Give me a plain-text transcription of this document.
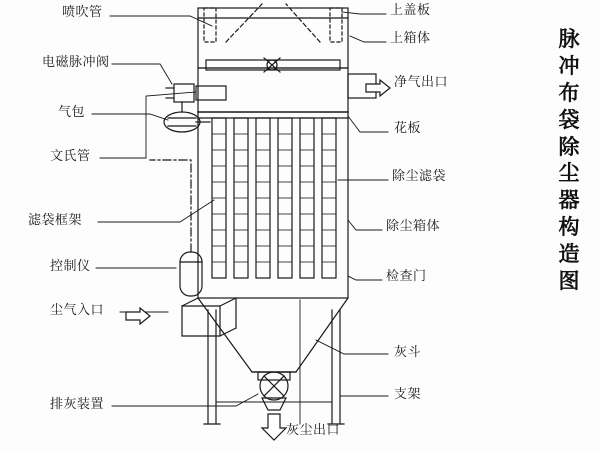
喷吹管
电磁脉冲阀
气包
文氏管
滤袋框架
控制仪
尘气入口
排灰装置
上盖板
上箱体
净气出口
花板
除尘滤袋
除尘箱体
检查门
灰斗
支架
灰尘出口
脉
冲
布
袋
除
尘
器
构
造
图
